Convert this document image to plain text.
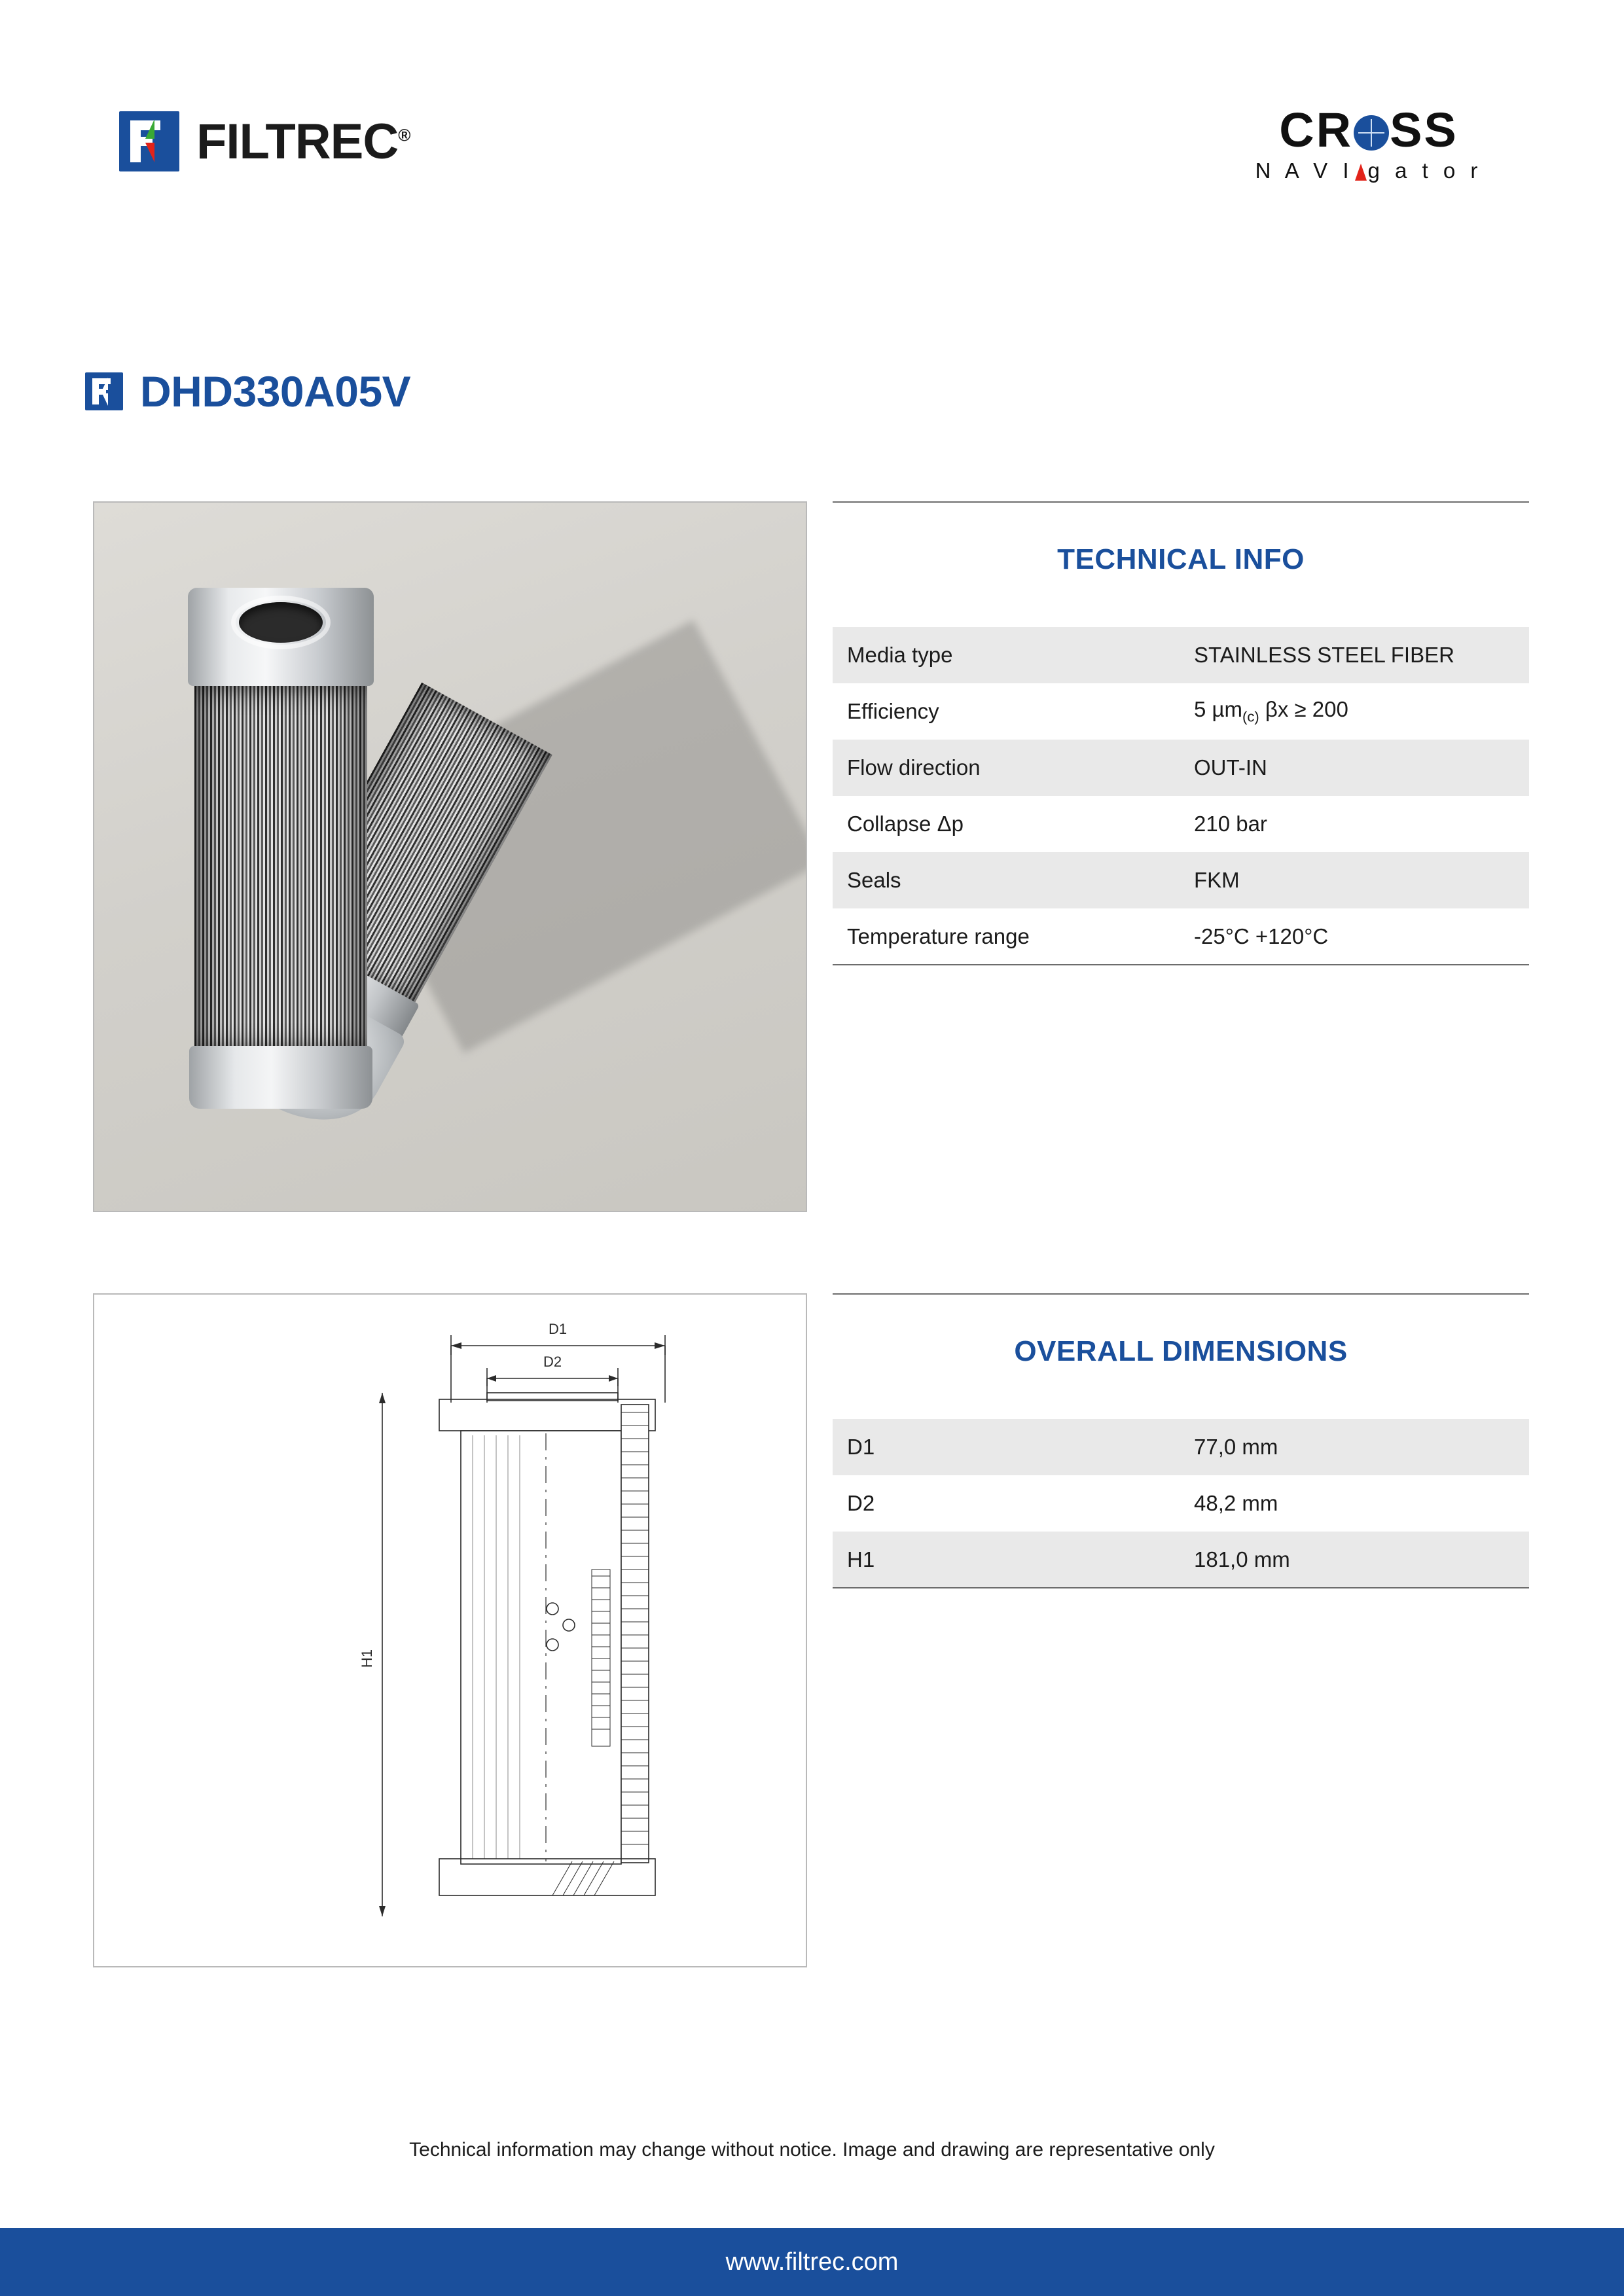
FILTREC®	CR SS
N A V I g a t o r
DHD330A05V
D1
D2
H1
TECHNICAL INFO
Media type	STAINLESS STEEL FIBER
Efficiency	5 µm$_{(c)}$ βx ≥ 200
Flow direction	OUT-IN
Collapse Δp	210 bar
Seals	FKM
Temperature range	-25°C +120°C
OVERALL DIMENSIONS
D1	77,0 mm
D2	48,2 mm
H1	181,0 mm
Technical information may change without notice. Image and drawing are representative only
www.filtrec.com
